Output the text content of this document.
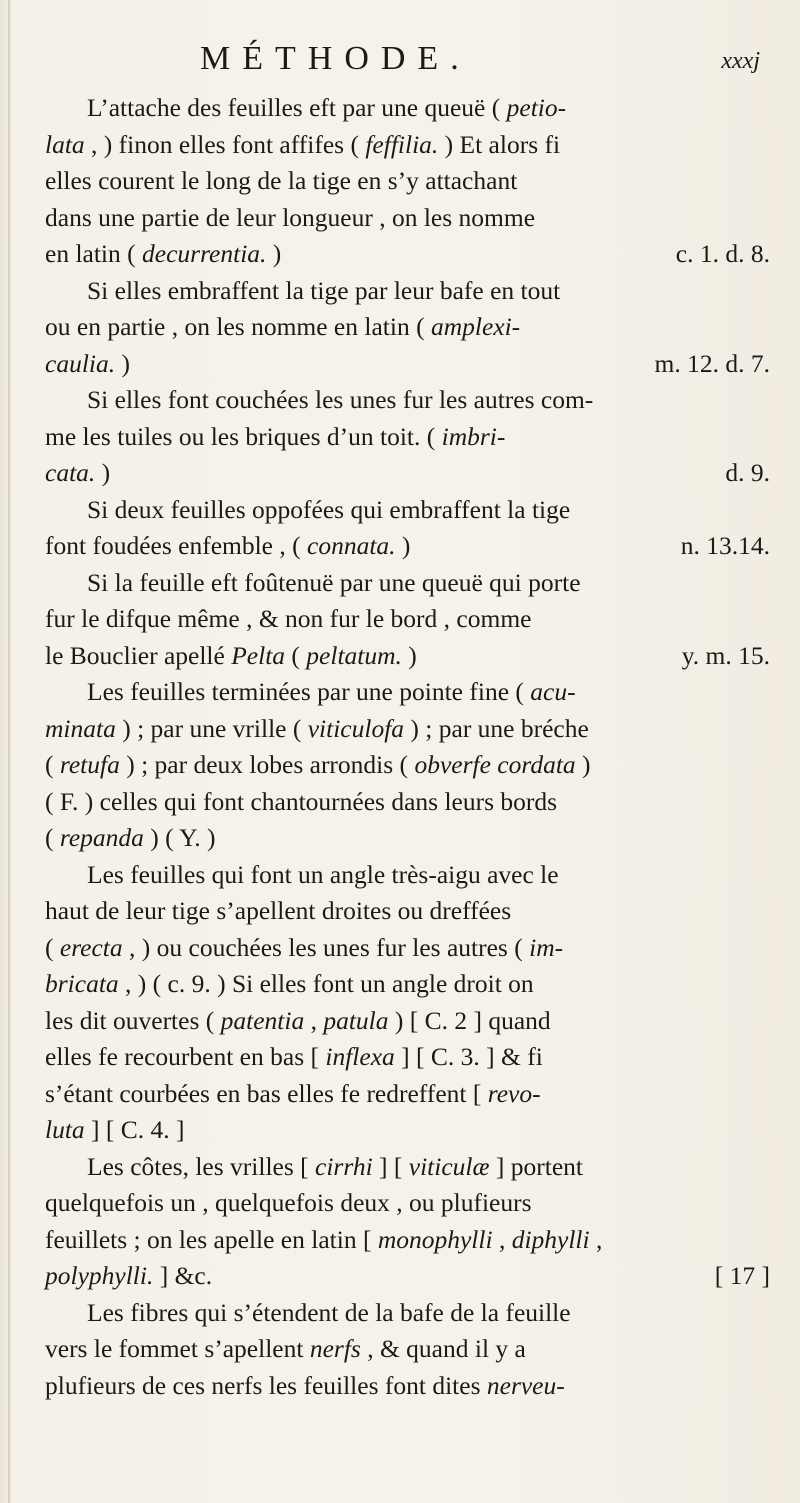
MÉTHODE.	xxxj
L’attache des feuilles eft par une queuë ( petio-
lata , ) finon elles font affifes ( feffilia. ) Et alors fi
elles courent le long de la tige en s’y attachant
dans une partie de leur longueur , on les nomme
en latin ( decurrentia. )	c. 1. d. 8.
Si elles embraffent la tige par leur bafe en tout
ou en partie , on les nomme en latin ( amplexi-
caulia. )	m. 12. d. 7.
Si elles font couchées les unes fur les autres com-
me les tuiles ou les briques d’un toit. ( imbri-
cata. )	d. 9.
Si deux feuilles oppofées qui embraffent la tige
font foudées enfemble , ( connata. )	n. 13.14.
Si la feuille eft foûtenuë par une queuë qui porte
fur le difque même , & non fur le bord , comme
le Bouclier apellé Pelta ( peltatum. )	y. m. 15.
Les feuilles terminées par une pointe fine ( acu-
minata ) ; par une vrille ( viticulofa ) ; par une bréche
( retufa ) ; par deux lobes arrondis ( obverfe cordata )
( F. ) celles qui font chantournées dans leurs bords
( repanda ) ( Y. )
Les feuilles qui font un angle très-aigu avec le
haut de leur tige s’apellent droites ou dreffées
( erecta , ) ou couchées les unes fur les autres ( im-
bricata , ) ( c. 9. ) Si elles font un angle droit on
les dit ouvertes ( patentia , patula ) [ C. 2 ] quand
elles fe recourbent en bas [ inflexa ] [ C. 3. ] & fi
s’étant courbées en bas elles fe redreffent [ revo-
luta ] [ C. 4. ]
Les côtes, les vrilles [ cirrhi ] [ viticulæ ] portent
quelquefois un , quelquefois deux , ou plufieurs
feuillets ; on les apelle en latin [ monophylli , diphylli ,
polyphylli. ] &c.	[ 17 ]
Les fibres qui s’étendent de la bafe de la feuille
vers le fommet s’apellent nerfs , & quand il y a
plufieurs de ces nerfs les feuilles font dites nerveu-
